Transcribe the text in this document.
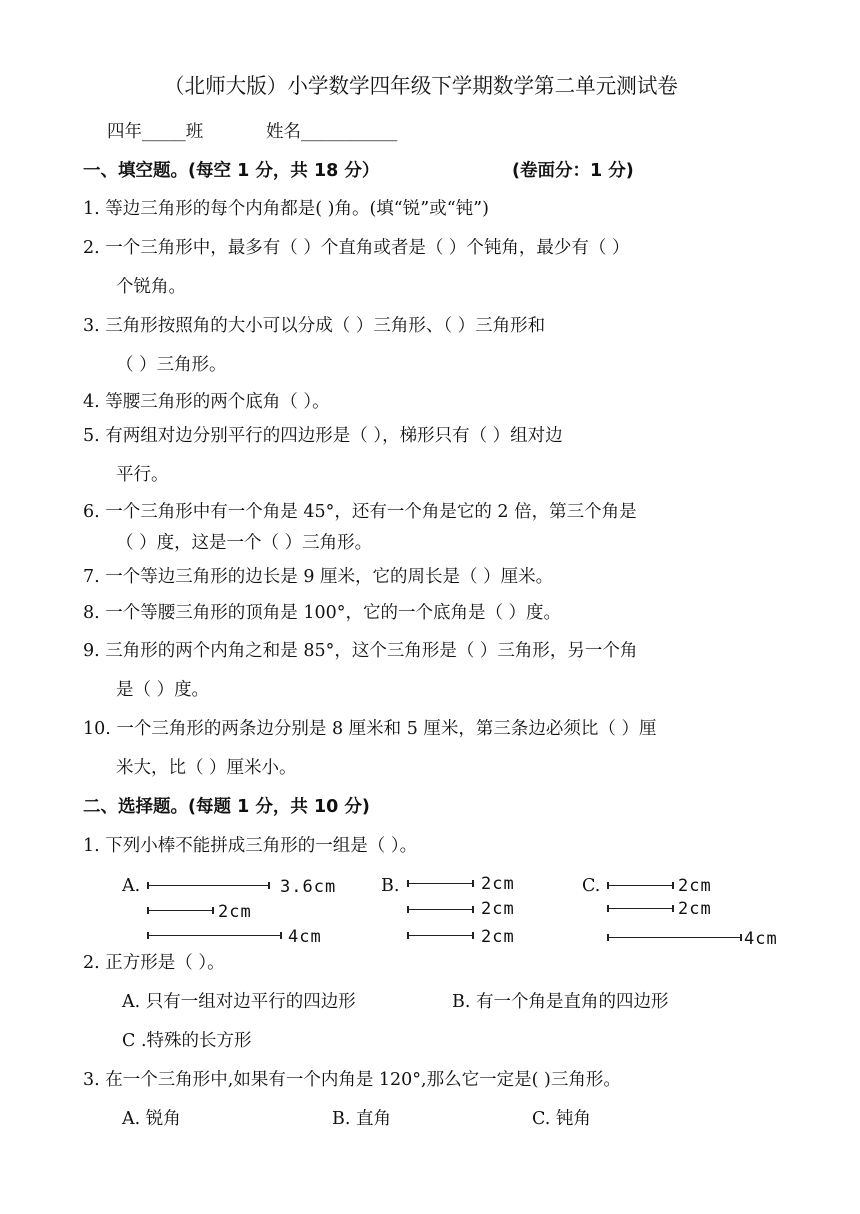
（北师大版）小学数学四年级下学期数学第二单元测试卷
四年_____班	姓名___________
一、填空题。(每空 1 分，共 18 分）	(卷面分：1 分)
1. 等边三角形的每个内角都是( )角。(填“锐”或“钝”)
2. 一个三角形中，最多有（ ）个直角或者是（ ）个钝角，最少有（ ）
个锐角。
3. 三角形按照角的大小可以分成（ ）三角形、（ ）三角形和
（ ）三角形。
4. 等腰三角形的两个底角（ ）。
5. 有两组对边分别平行的四边形是（ ），梯形只有（ ）组对边
平行。
6. 一个三角形中有一个角是 45°，还有一个角是它的 2 倍，第三个角是
（ ）度，这是一个（ ）三角形。
7. 一个等边三角形的边长是 9 厘米，它的周长是（ ）厘米。
8. 一个等腰三角形的顶角是 100°，它的一个底角是（ ）度。
9. 三角形的两个内角之和是 85°，这个三角形是（ ）三角形，另一个角
是（ ）度。
10. 一个三角形的两条边分别是 8 厘米和 5 厘米，第三条边必须比（ ）厘
米大，比（ ）厘米小。
二、选择题。(每题 1 分，共 10 分)
1. 下列小棒不能拼成三角形的一组是（ ）。
A.	3.6cm
2cm
4cm
B.	2cm
2cm
2cm
C.	2cm
2cm
4cm
2. 正方形是（ ）。
A. 只有一组对边平行的四边形	B. 有一个角是直角的四边形
C .特殊的长方形
3. 在一个三角形中,如果有一个内角是 120°,那么它一定是( )三角形。
A. 锐角	B. 直角	C. 钝角
